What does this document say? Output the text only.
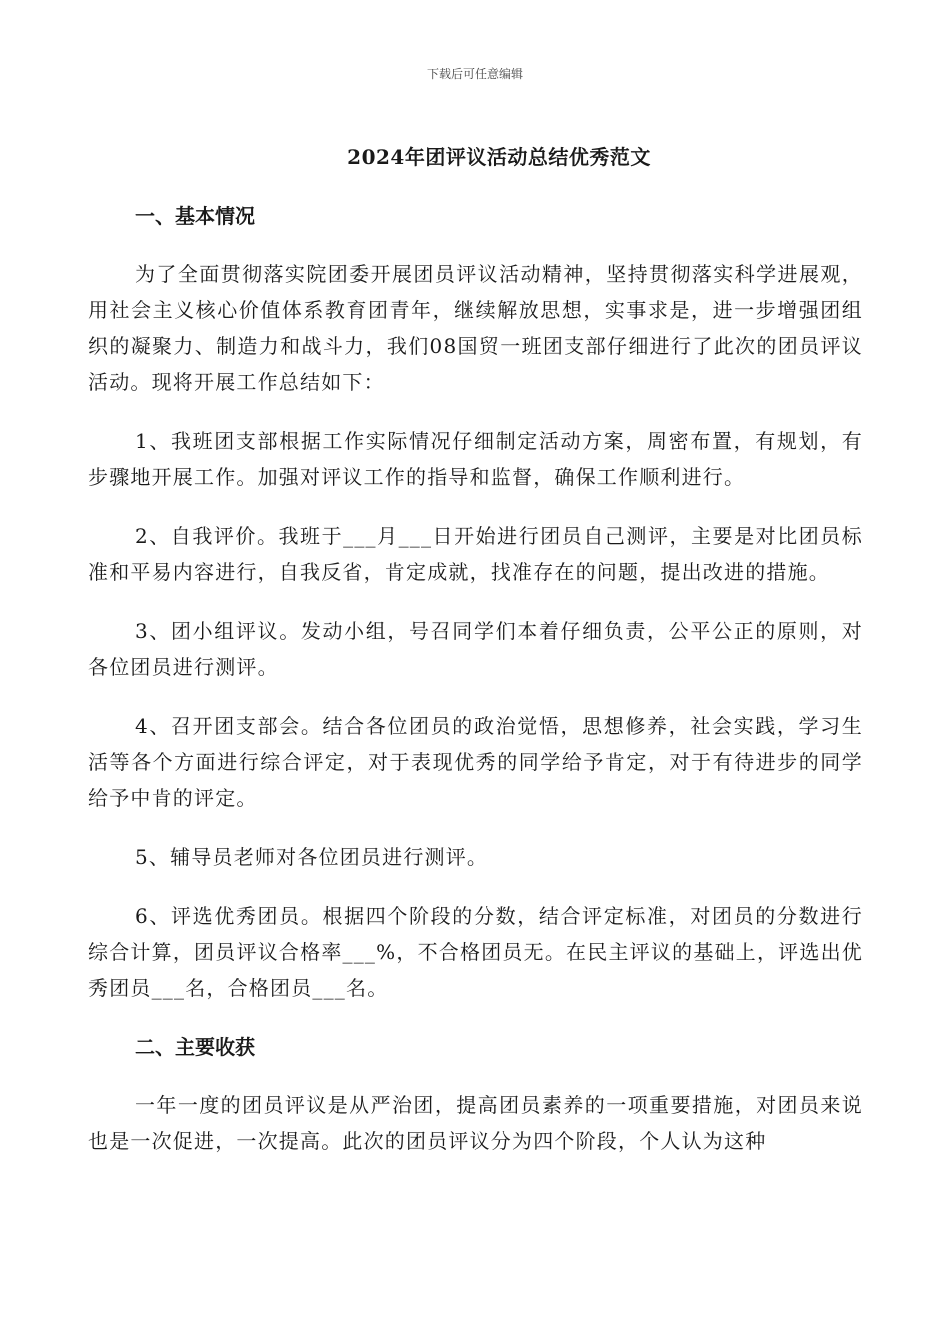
下载后可任意编辑
2024年团评议活动总结优秀范文

一、基本情况

为了全面贯彻落实院团委开展团员评议活动精神，坚持贯彻落实科学进展观，用社会主义核心价值体系教育团青年，继续解放思想，实事求是，进一步增强团组织的凝聚力、制造力和战斗力，我们08国贸一班团支部仔细进行了此次的团员评议活动。现将开展工作总结如下：

1、我班团支部根据工作实际情况仔细制定活动方案，周密布置，有规划，有步骤地开展工作。加强对评议工作的指导和监督，确保工作顺利进行。

2、自我评价。我班于___月___日开始进行团员自己测评，主要是对比团员标准和平易内容进行，自我反省，肯定成就，找准存在的问题，提出改进的措施。

3、团小组评议。发动小组，号召同学们本着仔细负责，公平公正的原则，对各位团员进行测评。

4、召开团支部会。结合各位团员的政治觉悟，思想修养，社会实践，学习生活等各个方面进行综合评定，对于表现优秀的同学给予肯定，对于有待进步的同学给予中肯的评定。

5、辅导员老师对各位团员进行测评。

6、评选优秀团员。根据四个阶段的分数，结合评定标准，对团员的分数进行综合计算，团员评议合格率___%，不合格团员无。在民主评议的基础上，评选出优秀团员___名，合格团员___名。

二、主要收获

一年一度的团员评议是从严治团，提高团员素养的一项重要措施，对团员来说也是一次促进，一次提高。此次的团员评议分为四个阶段，个人认为这种
